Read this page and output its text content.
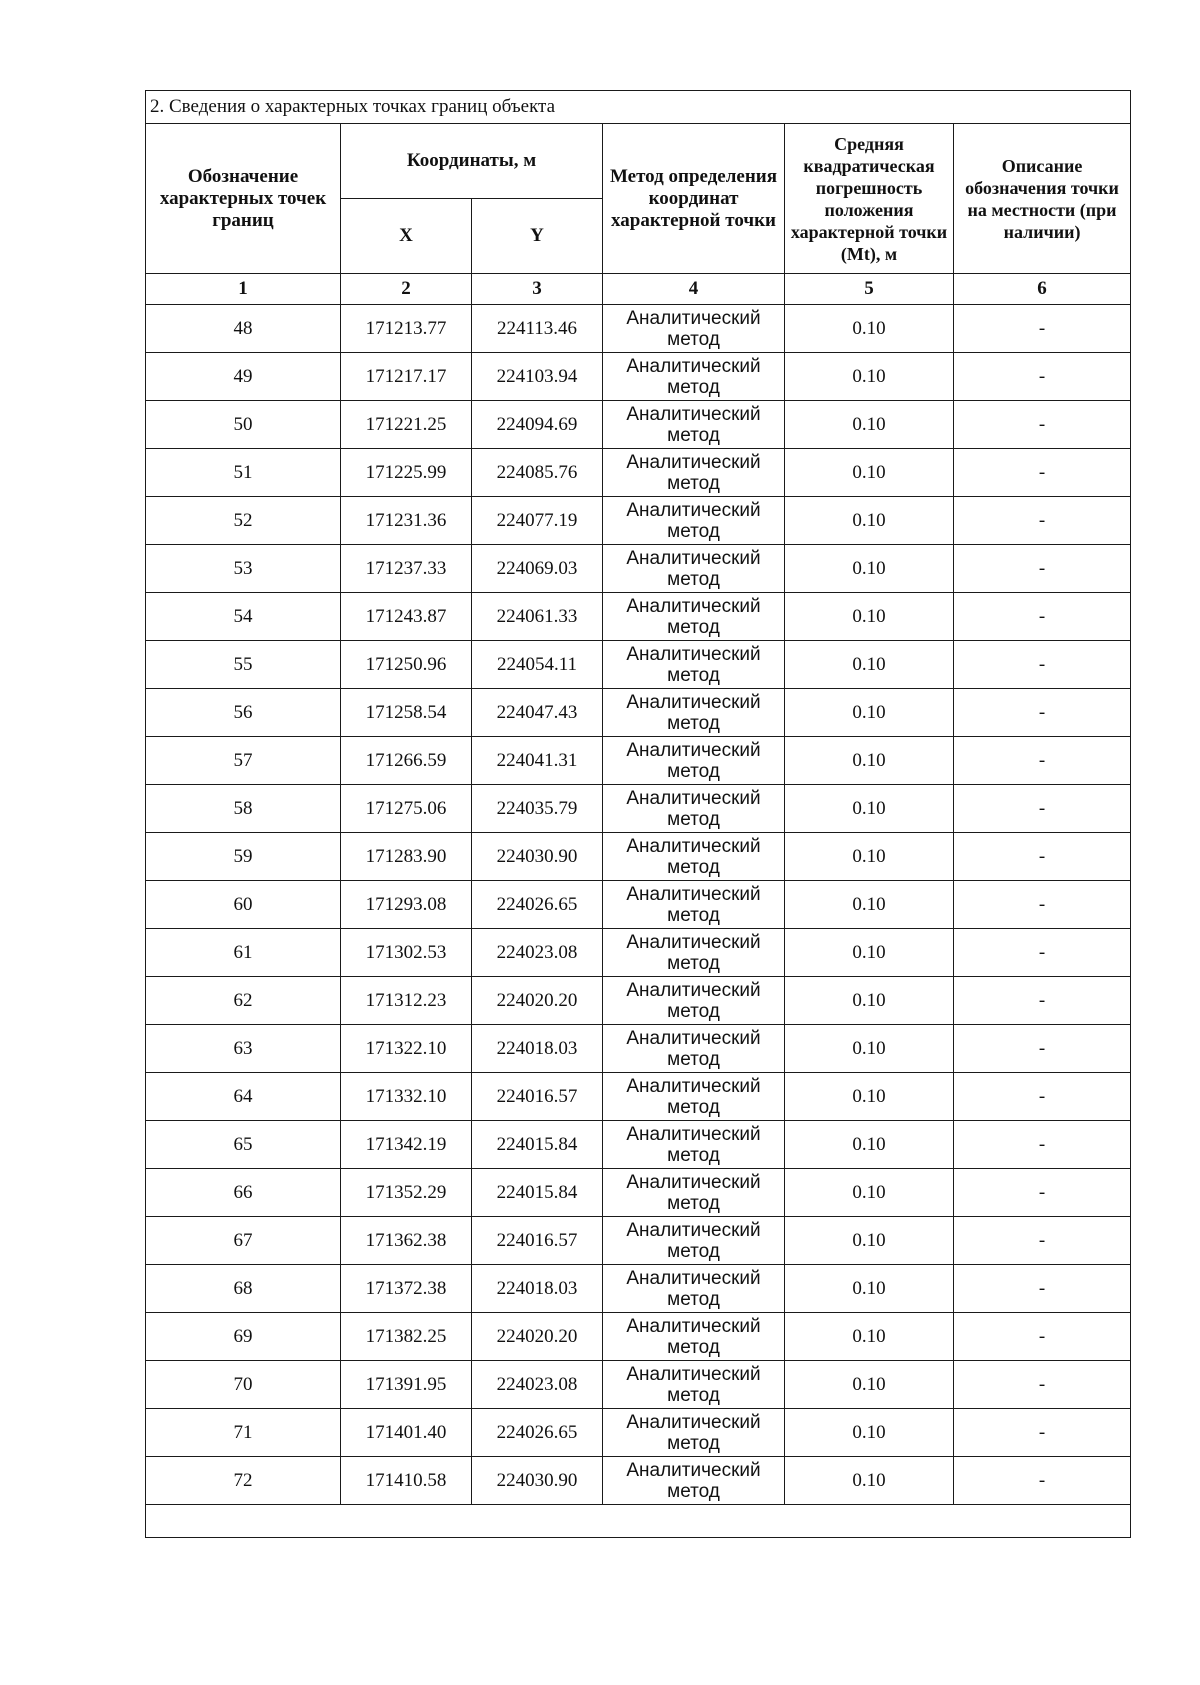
2. Сведения о характерных точках границ объекта					
Обозначение характерных точек границ	Координаты, м		Метод определения координат характерной точки	Средняя квадратическая погрешность положения характерной точки (Mt), м	Описание обозначения точки на местности (при наличии)
	X	Y			
1	2	3	4	5	6
48	171213.77	224113.46	Аналитический метод	0.10	-
49	171217.17	224103.94	Аналитический метод	0.10	-
50	171221.25	224094.69	Аналитический метод	0.10	-
51	171225.99	224085.76	Аналитический метод	0.10	-
52	171231.36	224077.19	Аналитический метод	0.10	-
53	171237.33	224069.03	Аналитический метод	0.10	-
54	171243.87	224061.33	Аналитический метод	0.10	-
55	171250.96	224054.11	Аналитический метод	0.10	-
56	171258.54	224047.43	Аналитический метод	0.10	-
57	171266.59	224041.31	Аналитический метод	0.10	-
58	171275.06	224035.79	Аналитический метод	0.10	-
59	171283.90	224030.90	Аналитический метод	0.10	-
60	171293.08	224026.65	Аналитический метод	0.10	-
61	171302.53	224023.08	Аналитический метод	0.10	-
62	171312.23	224020.20	Аналитический метод	0.10	-
63	171322.10	224018.03	Аналитический метод	0.10	-
64	171332.10	224016.57	Аналитический метод	0.10	-
65	171342.19	224015.84	Аналитический метод	0.10	-
66	171352.29	224015.84	Аналитический метод	0.10	-
67	171362.38	224016.57	Аналитический метод	0.10	-
68	171372.38	224018.03	Аналитический метод	0.10	-
69	171382.25	224020.20	Аналитический метод	0.10	-
70	171391.95	224023.08	Аналитический метод	0.10	-
71	171401.40	224026.65	Аналитический метод	0.10	-
72	171410.58	224030.90	Аналитический метод	0.10	-
